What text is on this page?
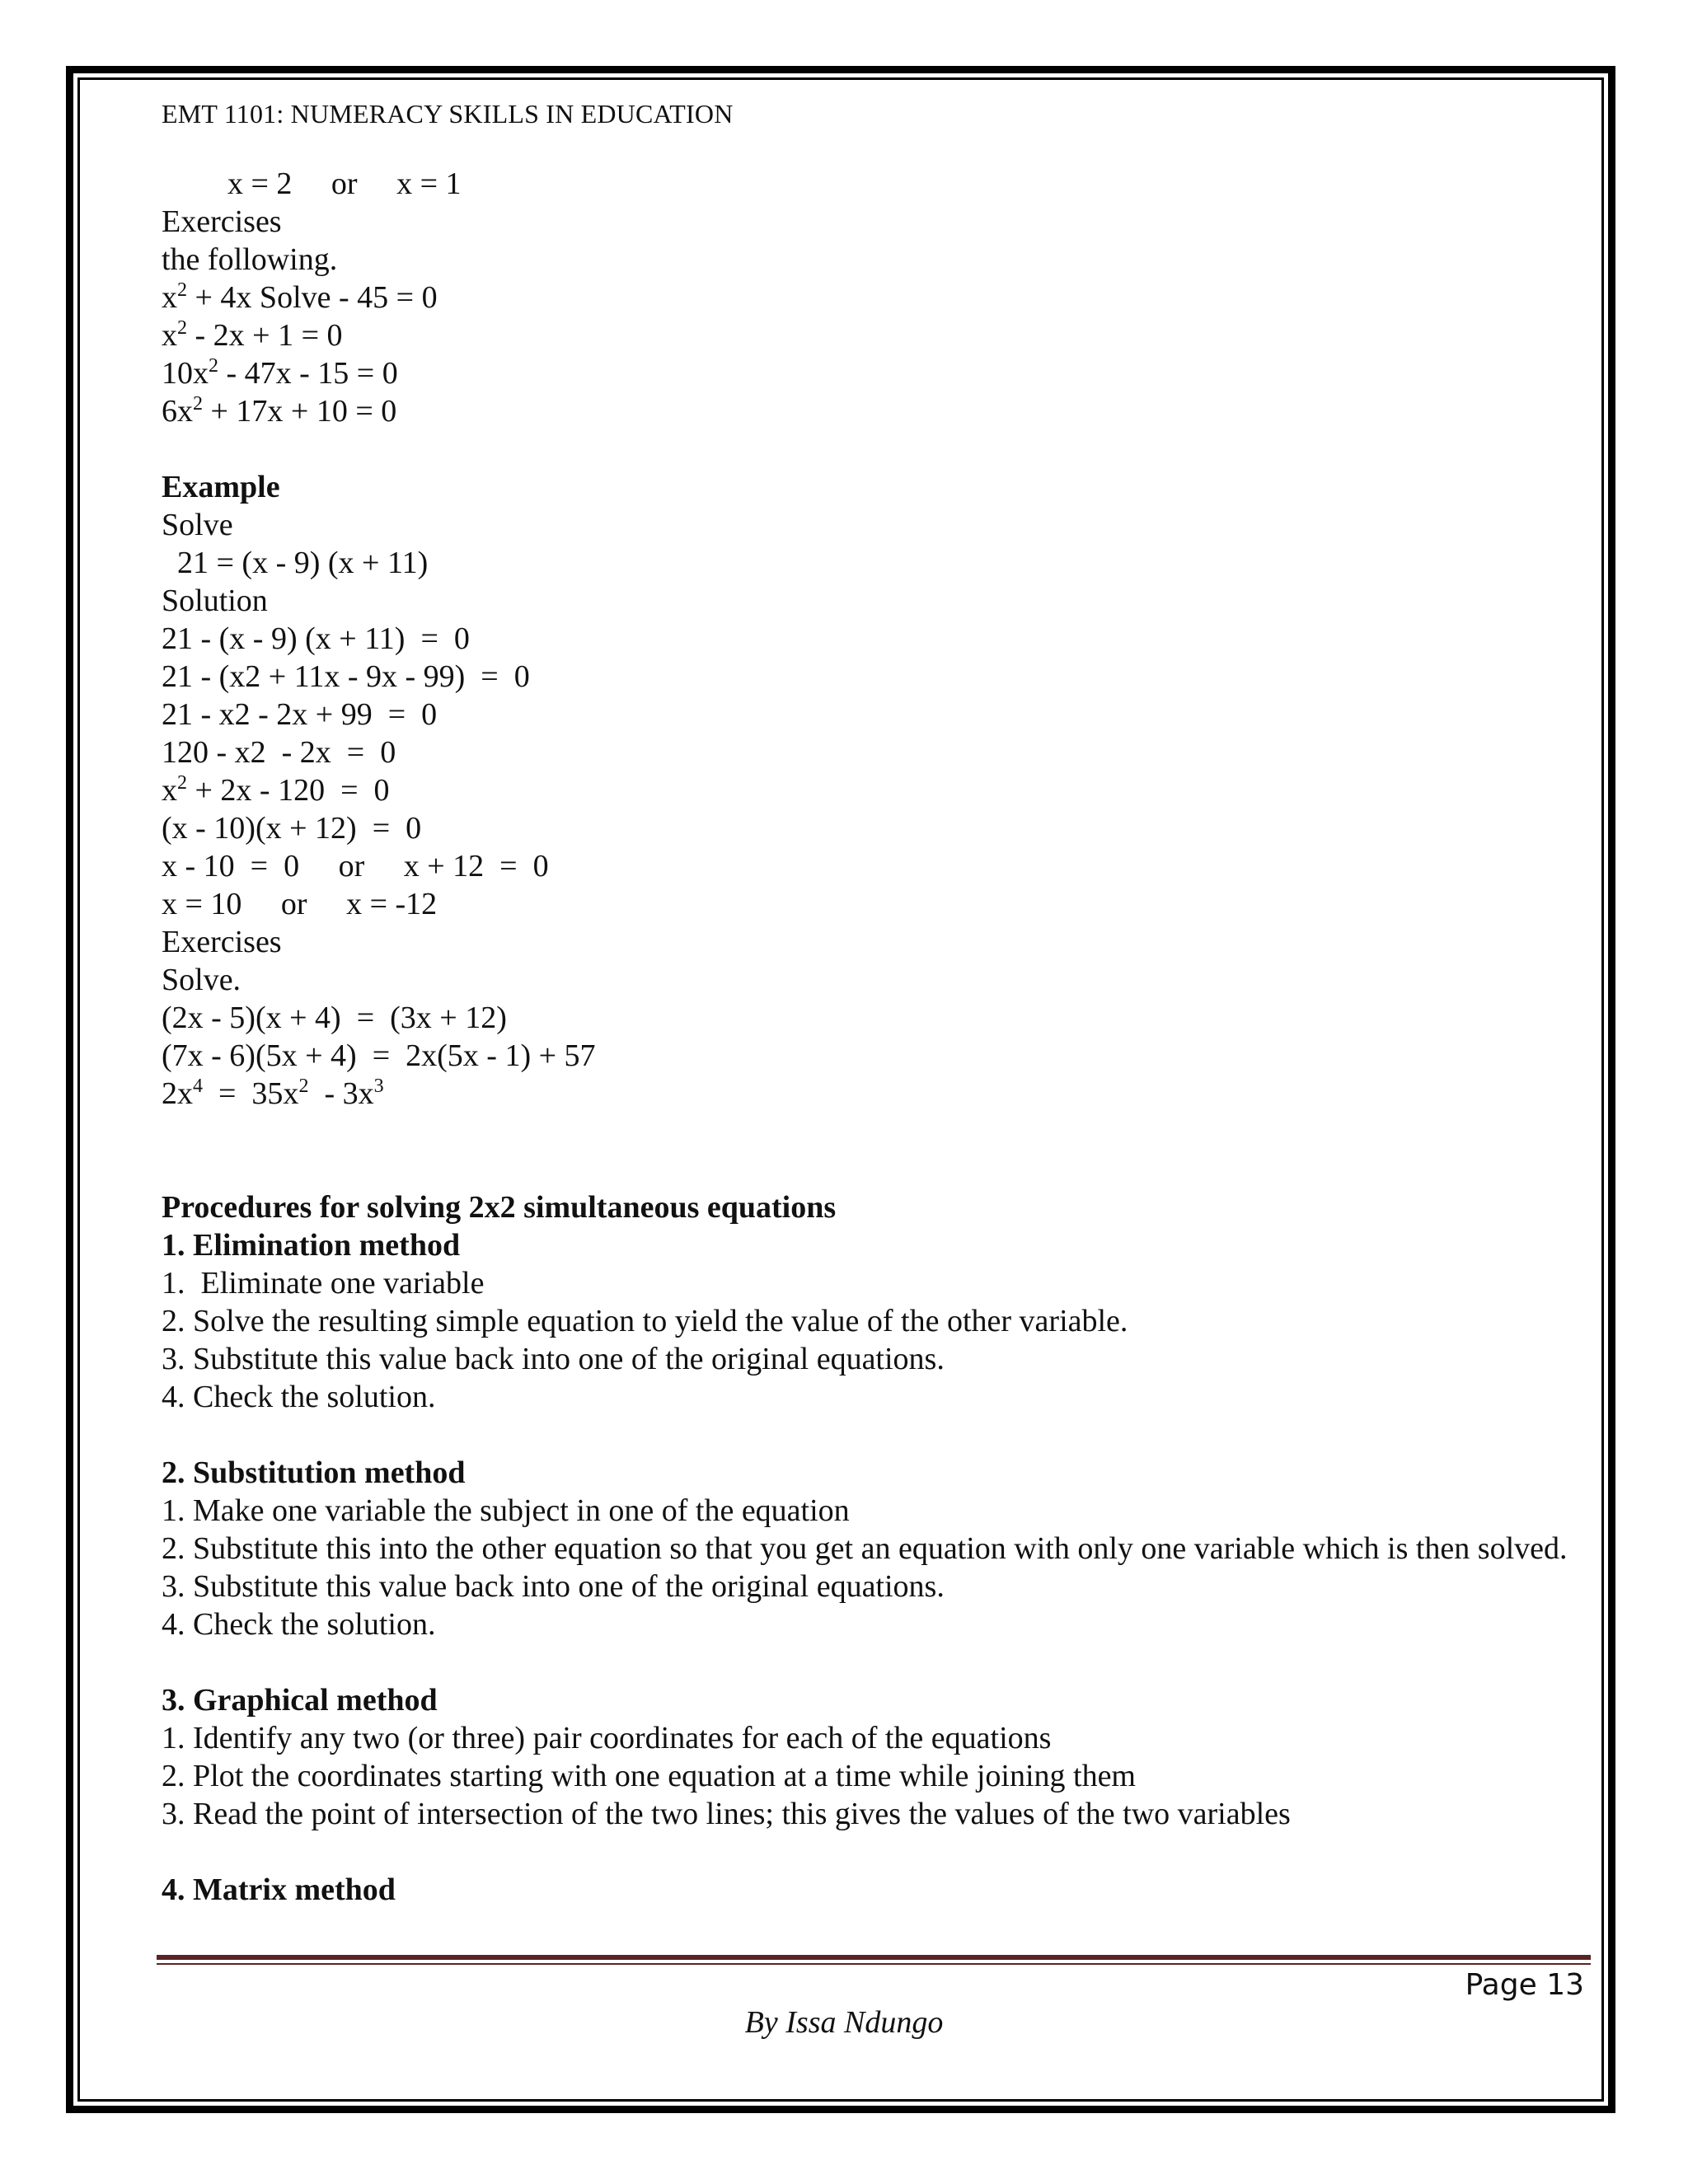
EMT 1101: NUMERACY SKILLS IN EDUCATION
x = 2     or     x = 1
Exercises
the following.
$x^2 + 4x$ Solve - 45 = 0
$x^2 - 2x + 1 = 0$
$10x^2 - 47x - 15 = 0$
$6x^2 + 17x + 10 = 0$
Example
Solve
21 = (x - 9) (x + 11)
Solution
21 - (x - 9) (x + 11)  =  0
21 - (x2 + 11x - 9x - 99)  =  0
21 - x2 - 2x + 99  =  0
120 - x2  - 2x  =  0
$x^2 + 2x - 120 = 0$
(x - 10)(x + 12)  =  0
x - 10  =  0     or     x + 12  =  0
x = 10     or     x = -12
Exercises
Solve.
(2x - 5)(x + 4)  =  (3x + 12)
(7x - 6)(5x + 4)  =  2x(5x - 1) + 57
$2x^4 = 35x^2 - 3x^3$
Procedures for solving 2x2 simultaneous equations
1. Elimination method
1.  Eliminate one variable
2. Solve the resulting simple equation to yield the value of the other variable.
3. Substitute this value back into one of the original equations.
4. Check the solution.
2. Substitution method
1. Make one variable the subject in one of the equation
2. Substitute this into the other equation so that you get an equation with only one variable which is then solved.
3. Substitute this value back into one of the original equations.
4. Check the solution.
3. Graphical method
1. Identify any two (or three) pair coordinates for each of the equations
2. Plot the coordinates starting with one equation at a time while joining them
3. Read the point of intersection of the two lines; this gives the values of the two variables
4. Matrix method
Page 13
By Issa Ndungo
